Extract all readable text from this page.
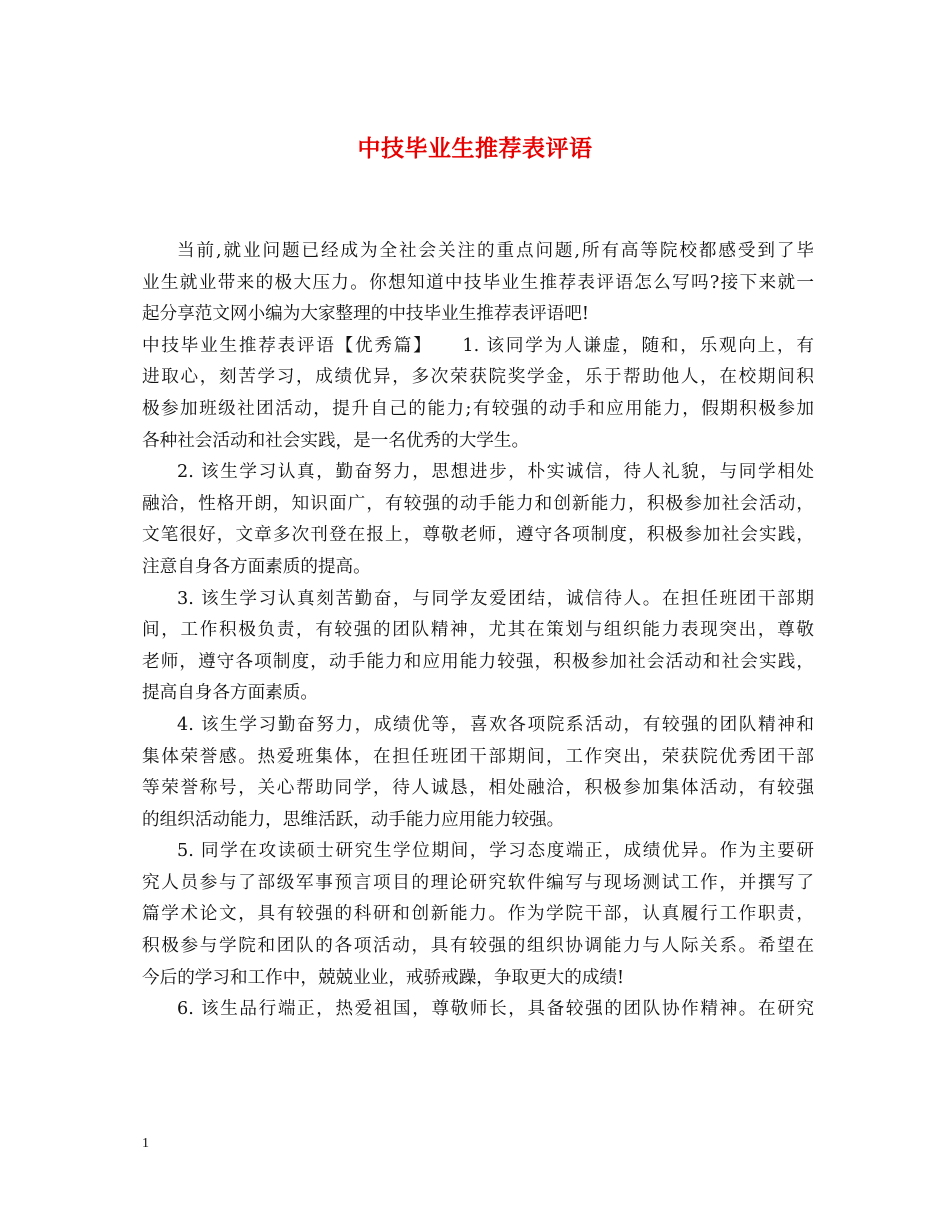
中技毕业生推荐表评语
当前,就业问题已经成为全社会关注的重点问题,所有高等院校都感受到了毕
业生就业带来的极大压力。你想知道中技毕业生推荐表评语怎么写吗?接下来就一
起分享范文网小编为大家整理的中技毕业生推荐表评语吧!
中技毕业生推荐表评语【优秀篇】　　1. 该同学为人谦虚，随和，乐观向上，有
进取心，刻苦学习，成绩优异，多次荣获院奖学金，乐于帮助他人，在校期间积
极参加班级社团活动，提升自己的能力;有较强的动手和应用能力，假期积极参加
各种社会活动和社会实践，是一名优秀的大学生。
2. 该生学习认真，勤奋努力，思想进步，朴实诚信，待人礼貌，与同学相处
融洽，性格开朗，知识面广，有较强的动手能力和创新能力，积极参加社会活动，
文笔很好，文章多次刊登在报上，尊敬老师，遵守各项制度，积极参加社会实践，
注意自身各方面素质的提高。
3. 该生学习认真刻苦勤奋，与同学友爱团结，诚信待人。在担任班团干部期
间，工作积极负责，有较强的团队精神，尤其在策划与组织能力表现突出，尊敬
老师，遵守各项制度，动手能力和应用能力较强，积极参加社会活动和社会实践，
提高自身各方面素质。
4. 该生学习勤奋努力，成绩优等，喜欢各项院系活动，有较强的团队精神和
集体荣誉感。热爱班集体，在担任班团干部期间，工作突出，荣获院优秀团干部
等荣誉称号，关心帮助同学，待人诚恳，相处融洽，积极参加集体活动，有较强
的组织活动能力，思维活跃，动手能力应用能力较强。
5. 同学在攻读硕士研究生学位期间，学习态度端正，成绩优异。作为主要研
究人员参与了部级军事预言项目的理论研究软件编写与现场测试工作，并撰写了
篇学术论文，具有较强的科研和创新能力。作为学院干部，认真履行工作职责，
积极参与学院和团队的各项活动，具有较强的组织协调能力与人际关系。希望在
今后的学习和工作中，兢兢业业，戒骄戒躁，争取更大的成绩!
6. 该生品行端正，热爱祖国，尊敬师长，具备较强的团队协作精神。在研究
1
